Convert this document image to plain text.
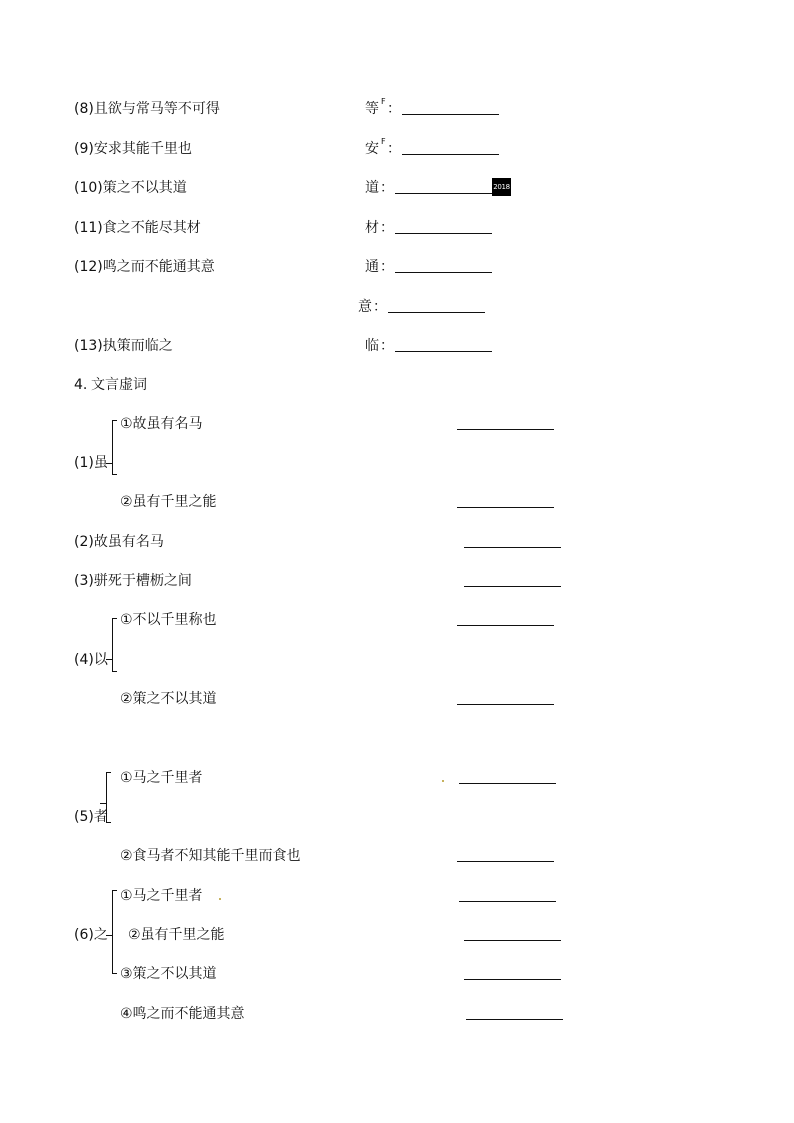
(8)且欲与常马等不可得	等 F ：
(9)安求其能千里也	安 F ：
(10)策之不以其道	道 ：	2018
(11)食之不能尽其材	材 ：
(12)鸣之而不能通其意	通 ：
意 ：
(13)执策而临之	临 ：
4. 文言虚词
(1)虽
①故虽有名马
②虽有千里之能
(2)故虽有名马
(3)骈死于槽枥之间
(4)以
①不以千里称也
②策之不以其道
(5)者
①马之千里者
②食马者不知其能千里而食也
(6)之
①马之千里者
②虽有千里之能
③策之不以其道
④鸣之而不能通其意
